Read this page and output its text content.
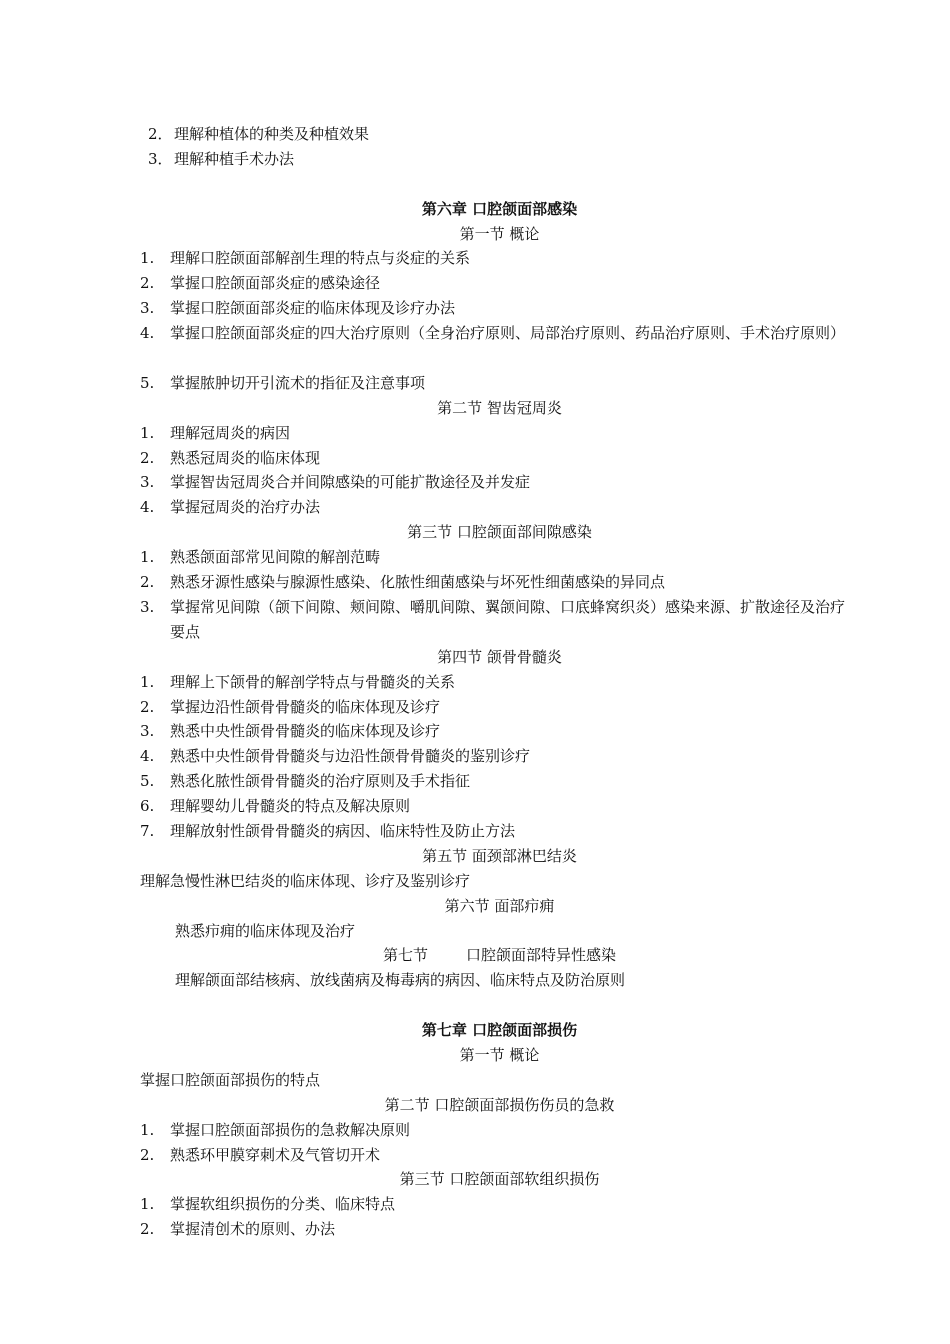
2． 理解种植体的种类及种植效果
3． 理解种植手术办法
第六章 口腔颌面部感染
第一节 概论
1.	理解口腔颌面部解剖生理的特点与炎症的关系
2.	掌握口腔颌面部炎症的感染途径
3.	掌握口腔颌面部炎症的临床体现及诊疗办法
4.	掌握口腔颌面部炎症的四大治疗原则（全身治疗原则、局部治疗原则、药品治疗原则、手术治疗原则）
5.	掌握脓肿切开引流术的指征及注意事项
第二节 智齿冠周炎
1.	理解冠周炎的病因
2.	熟悉冠周炎的临床体现
3.	掌握智齿冠周炎合并间隙感染的可能扩散途径及并发症
4.	掌握冠周炎的治疗办法
第三节 口腔颌面部间隙感染
1.	熟悉颌面部常见间隙的解剖范畴
2.	熟悉牙源性感染与腺源性感染、化脓性细菌感染与坏死性细菌感染的异同点
3.	掌握常见间隙（颌下间隙、颊间隙、嚼肌间隙、翼颌间隙、口底蜂窝织炎）感染来源、扩散途径及治疗要点
第四节 颌骨骨髓炎
1.	理解上下颌骨的解剖学特点与骨髓炎的关系
2.	掌握边沿性颌骨骨髓炎的临床体现及诊疗
3.	熟悉中央性颌骨骨髓炎的临床体现及诊疗
4.	熟悉中央性颌骨骨髓炎与边沿性颌骨骨髓炎的鉴别诊疗
5.	熟悉化脓性颌骨骨髓炎的治疗原则及手术指征
6.	理解婴幼儿骨髓炎的特点及解决原则
7.	理解放射性颌骨骨髓炎的病因、临床特性及防止方法
第五节 面颈部淋巴结炎
理解急慢性淋巴结炎的临床体现、诊疗及鉴别诊疗
第六节 面部疖痈
熟悉疖痈的临床体现及治疗
第七节	口腔颌面部特异性感染
理解颌面部结核病、放线菌病及梅毒病的病因、临床特点及防治原则
第七章 口腔颌面部损伤
第一节 概论
掌握口腔颌面部损伤的特点
第二节 口腔颌面部损伤伤员的急救
1.	掌握口腔颌面部损伤的急救解决原则
2.	熟悉环甲膜穿刺术及气管切开术
第三节 口腔颌面部软组织损伤
1.	掌握软组织损伤的分类、临床特点
2.	掌握清创术的原则、办法
